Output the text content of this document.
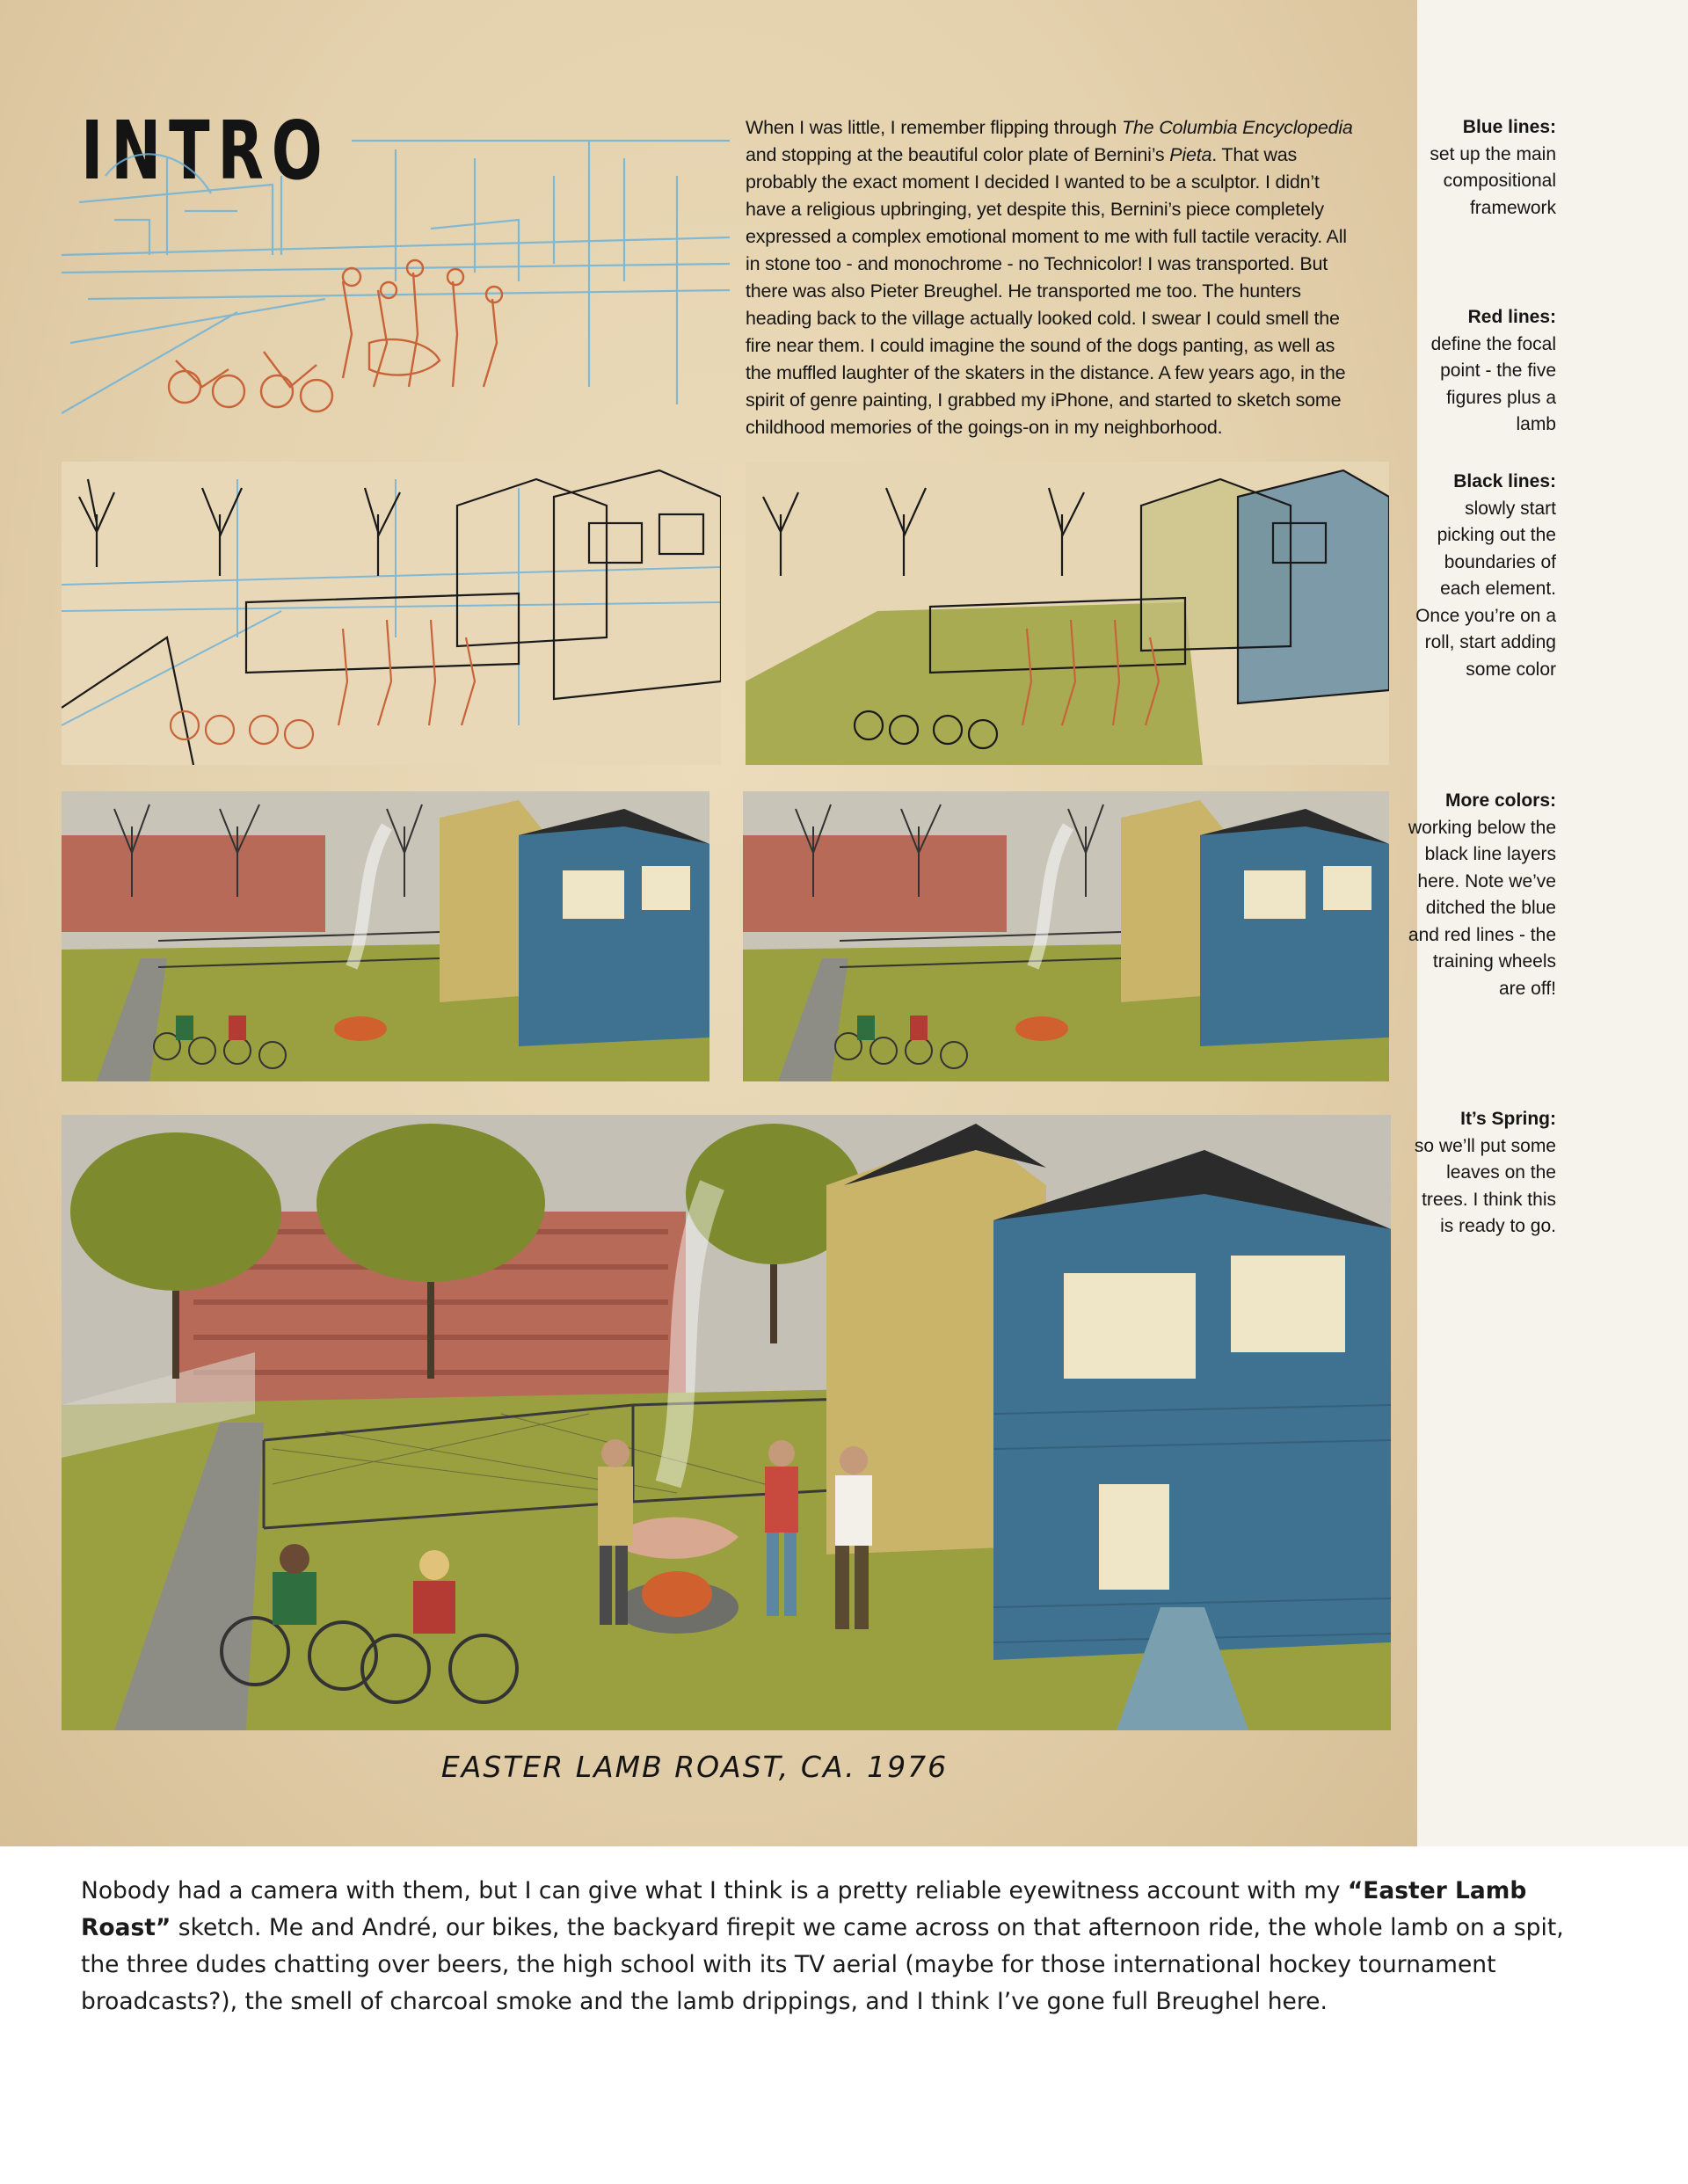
INTRO	When I was little, I remember flipping through The Columbia Encyclopedia and stopping at the beautiful color plate of Bernini’s Pieta. That was probably the exact moment I decided I wanted to be a sculptor. I didn’t have a religious upbringing, yet despite this, Bernini’s piece completely expressed a complex emotional moment to me with full tactile veracity. All in stone too - and monochrome - no Technicolor! I was transported. But there was also Pieter Breughel. He transported me too. The hunters heading back to the village actually looked cold. I swear I could smell the fire near them. I could imagine the sound of the dogs panting, as well as the muffled laughter of the skaters in the distance. A few years ago, in the spirit of genre painting, I grabbed my iPhone, and started to sketch some childhood memories of the goings-on in my neighborhood.

Blue lines:
set up the main compositional framework

Red lines:
define the focal point - the five figures plus a lamb

Black lines:
slowly start picking out the boundaries of each element. Once you’re on a roll, start adding some color

More colors:
working below the black line layers here. Note we’ve ditched the blue and red lines - the training wheels are off!

It’s Spring:
so we’ll put some leaves on the trees. I think this is ready to go.

EASTER LAMB ROAST, CA. 1976

Nobody had a camera with them, but I can give what I think is a pretty reliable eyewitness account with my “Easter Lamb Roast” sketch. Me and André, our bikes, the backyard firepit we came across on that afternoon ride, the whole lamb on a spit, the three dudes chatting over beers, the high school with its TV aerial (maybe for those international hockey tournament broadcasts?), the smell of charcoal smoke and the lamb drippings, and I think I’ve gone full Breughel here.
